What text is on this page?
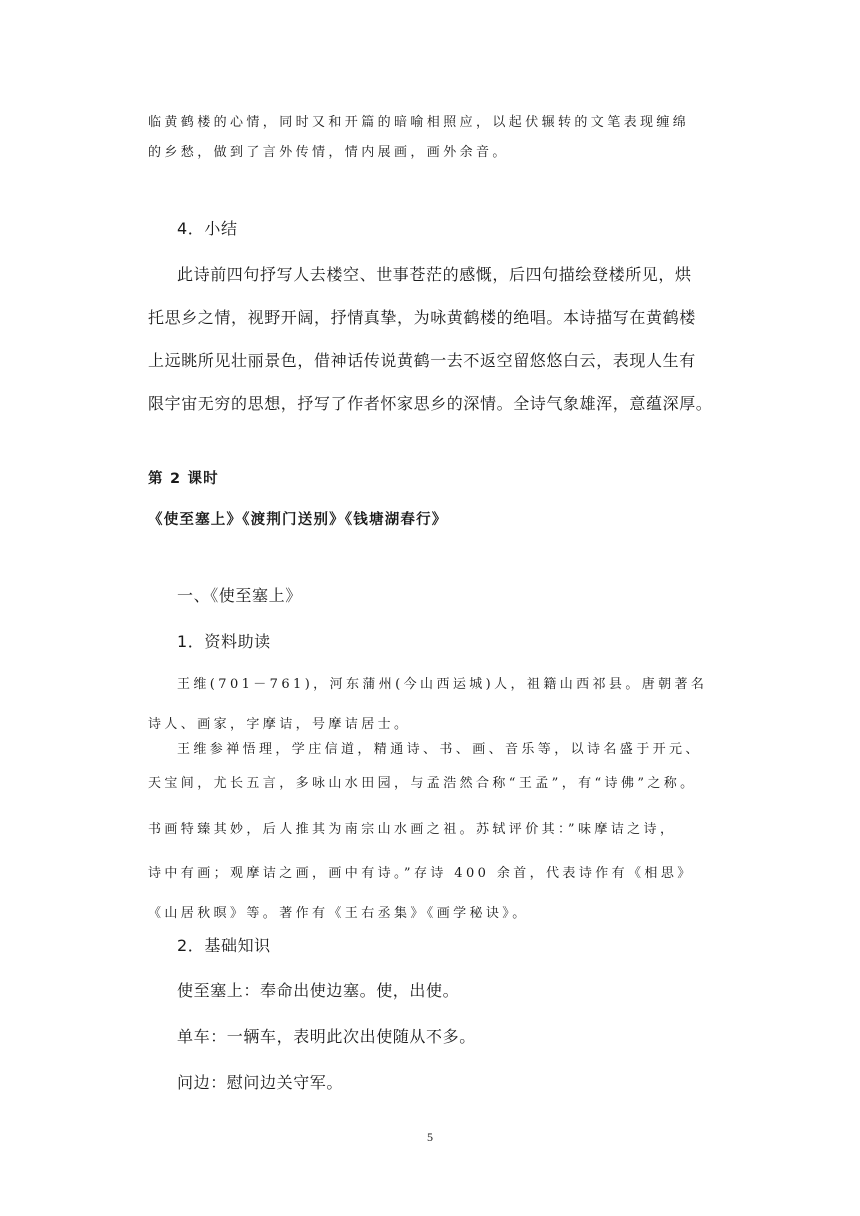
临黄鹤楼的心情，同时又和开篇的暗喻相照应，以起伏辗转的文笔表现缠绵

的乡愁，做到了言外传情，情内展画，画外余音。

4．小结

此诗前四句抒写人去楼空、世事苍茫的感慨，后四句描绘登楼所见，烘

托思乡之情，视野开阔，抒情真挚，为咏黄鹤楼的绝唱。本诗描写在黄鹤楼

上远眺所见壮丽景色，借神话传说黄鹤一去不返空留悠悠白云，表现人生有

限宇宙无穷的思想，抒写了作者怀家思乡的深情。全诗气象雄浑，意蕴深厚。

第 2 课时

《使至塞上》《渡荆门送别》《钱塘湖春行》

一、《使至塞上》

1．资料助读

王维(701－761)，河东蒲州(今山西运城)人，祖籍山西祁县。唐朝著名

诗人、画家，字摩诘，号摩诘居士。

王维参禅悟理，学庄信道，精通诗、书、画、音乐等，以诗名盛于开元、

天宝间，尤长五言，多咏山水田园，与孟浩然合称“王孟”，有“诗佛”之称。

书画特臻其妙，后人推其为南宗山水画之祖。苏轼评价其：”味摩诘之诗，

诗中有画；观摩诘之画，画中有诗。”存诗 400 余首，代表诗作有《相思》

《山居秋暝》等。著作有《王右丞集》《画学秘诀》。

2．基础知识

使至塞上：奉命出使边塞。使，出使。

单车：一辆车，表明此次出使随从不多。

问边：慰问边关守军。

5
